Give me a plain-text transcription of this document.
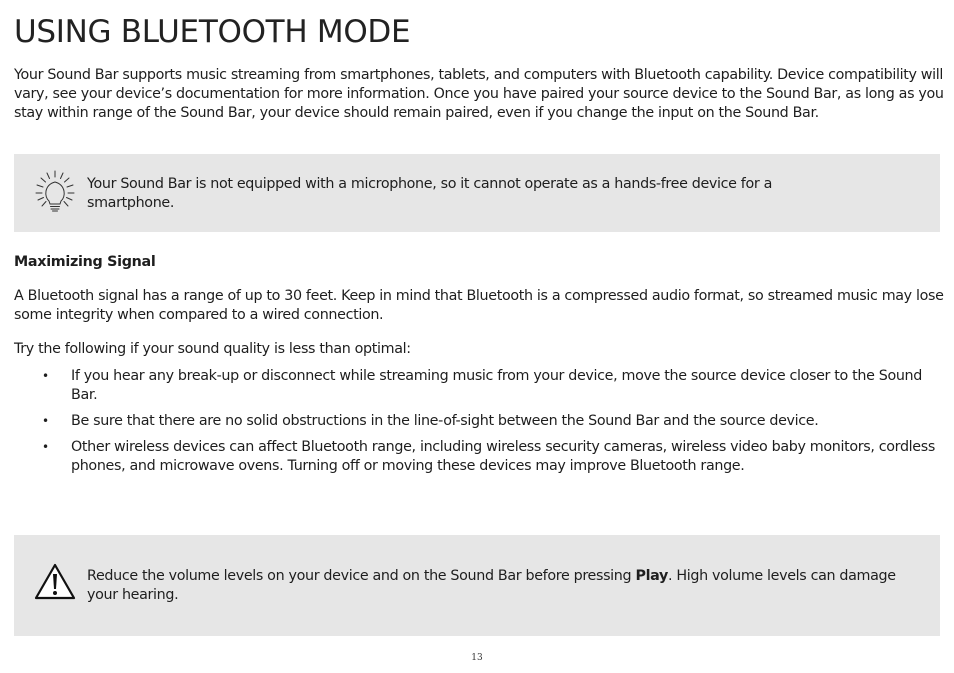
USING BLUETOOTH MODE

Your Sound Bar supports music streaming from smartphones, tablets, and computers with Bluetooth capability. Device compatibility will vary, see your device’s documentation for more information. Once you have paired your source device to the Sound Bar, as long as you stay within range of the Sound Bar, your device should remain paired, even if you change the input on the Sound Bar.

Your Sound Bar is not equipped with a microphone, so it cannot operate as a hands-free device for a smartphone.
Maximizing Signal

A Bluetooth signal has a range of up to 30 feet. Keep in mind that Bluetooth is a compressed audio format, so streamed music may lose some integrity when compared to a wired connection.

Try the following if your sound quality is less than optimal:

• If you hear any break-up or disconnect while streaming music from your device, move the source device closer to the Sound Bar.
• Be sure that there are no solid obstructions in the line-of-sight between the Sound Bar and the source device.
• Other wireless devices can affect Bluetooth range, including wireless security cameras, wireless video baby monitors, cordless phones, and microwave ovens. Turning off or moving these devices may improve Bluetooth range.
Reduce the volume levels on your device and on the Sound Bar before pressing Play. High volume levels can damage your hearing.
13
